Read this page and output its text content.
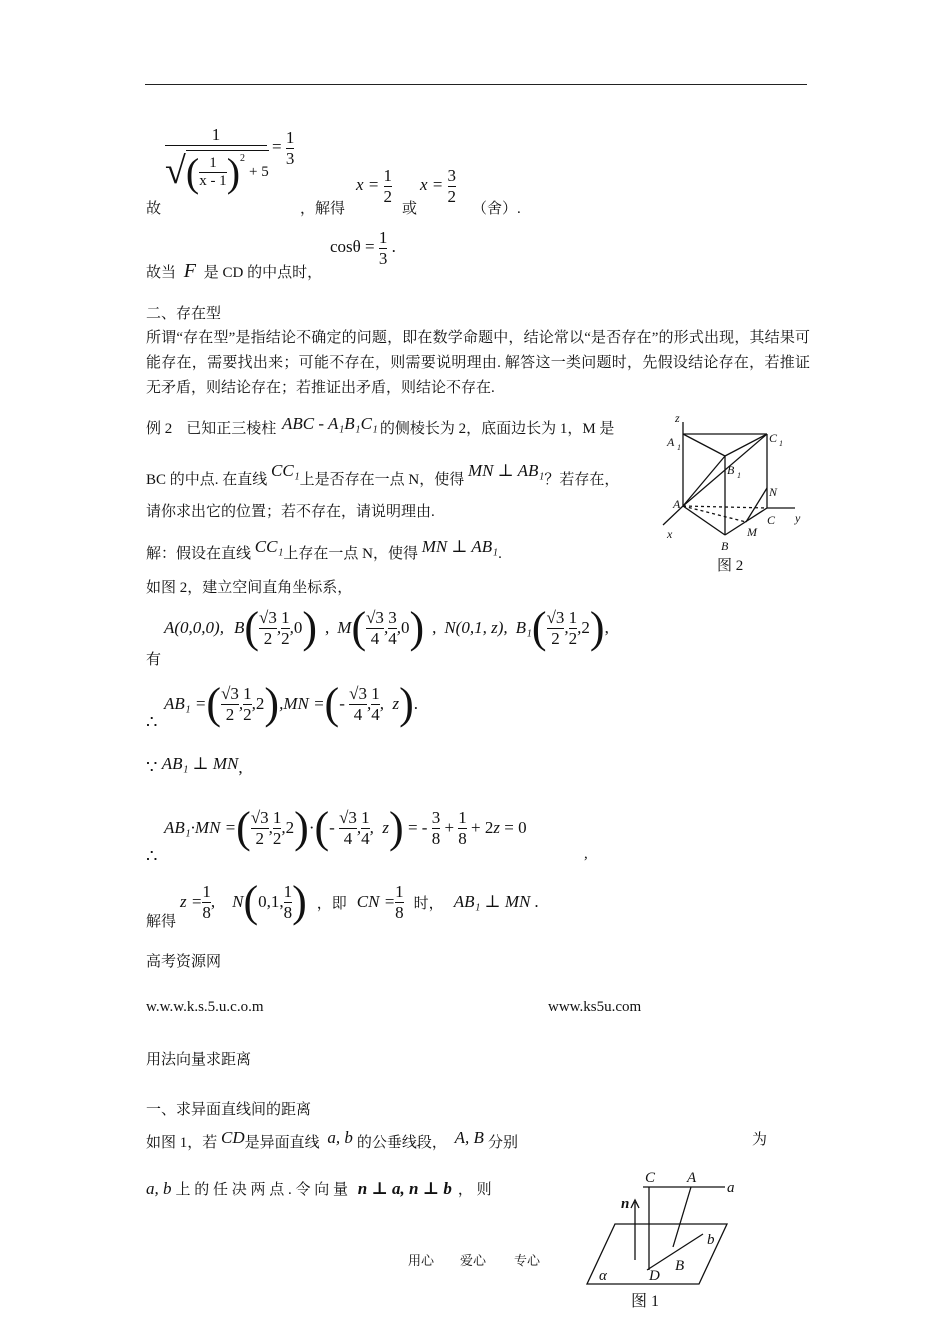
1
√ ( $\frac{1}{x - 1} )^2$
+ 5
= $\frac{1}{3}$
故	，解得
$x = \frac{1}{2}$
或
$x = \frac{3}{2}$
（舍）.
故当 F 是 CD 的中点时，
$\cos\theta = \frac{1}{3}$ .
二、存在型
所谓“存在型”是指结论不确定的问题，即在数学命题中，结论常以“是否存在”的形式出现，其结果可能存在，需要找出来；可能不存在，则需要说明理由. 解答这一类问题时，先假设结论存在，若推证无矛盾，则结论存在；若推证出矛盾，则结论不存在.
例 2 已知正三棱柱 ABC - A₁B₁C₁ 的侧棱长为 2，底面边长为 1，M 是
BC 的中点. 在直线 CC₁上是否存在一点 N，使得 MN ⊥ AB₁？若存在，
请你求出它的位置；若不存在，请说明理由.
解：假设在直线 CC₁上存在一点 N，使得 MN ⊥ AB₁.
如图 2，建立空间直角坐标系，
有
A(0,0,0), B ( $\frac{√3}{2}$ , $\frac{1}{2}$ , 0 ) , M ( $\frac{√3}{4}$ , $\frac{3}{4}$ , 0 ) , N(0,1, z), B₁ ( $\frac{√3}{2}$ , $\frac{1}{2}$ , 2 ) ,
∴
AB₁ = ( $\frac{√3}{2}$ , $\frac{1}{2}$ , 2 ) ,MN = ( - $\frac{√3}{4}$ , $\frac{1}{4}$ , z ) .
∵ AB₁ ⊥ MN,
∴
AB₁·MN = ( $\frac{√3}{2}$ , $\frac{1}{2}$ , 2 ) · ( - $\frac{√3}{4}$ , $\frac{1}{4}$ , z ) = - $\frac{3}{8} + \frac{1}{8} + 2$ z = 0
,
解得
$z = \frac{1}{8}$ , N ( 0,1, $\frac{1}{8}$ ) ，即 CN = $\frac{1}{8}$ 时， AB₁ ⊥ MN .
高考资源网
w.w.w.k.s.5.u.c.o.m	www.ks5u.com
用法向量求距离
一、求异面直线间的距离
如图 1，若 CD是异面直线 a, b 的公垂线段， A, B 分别	为
a, b 上 的 任 决 两 点 . 令 向 量 n ⊥ a, n ⊥ b ， 则
用心 爱心 专心
z
A 1
C 1
B 1
N
A
C y
M
x
B
图 2
C A
a
n
b
B
D
α
图 1
